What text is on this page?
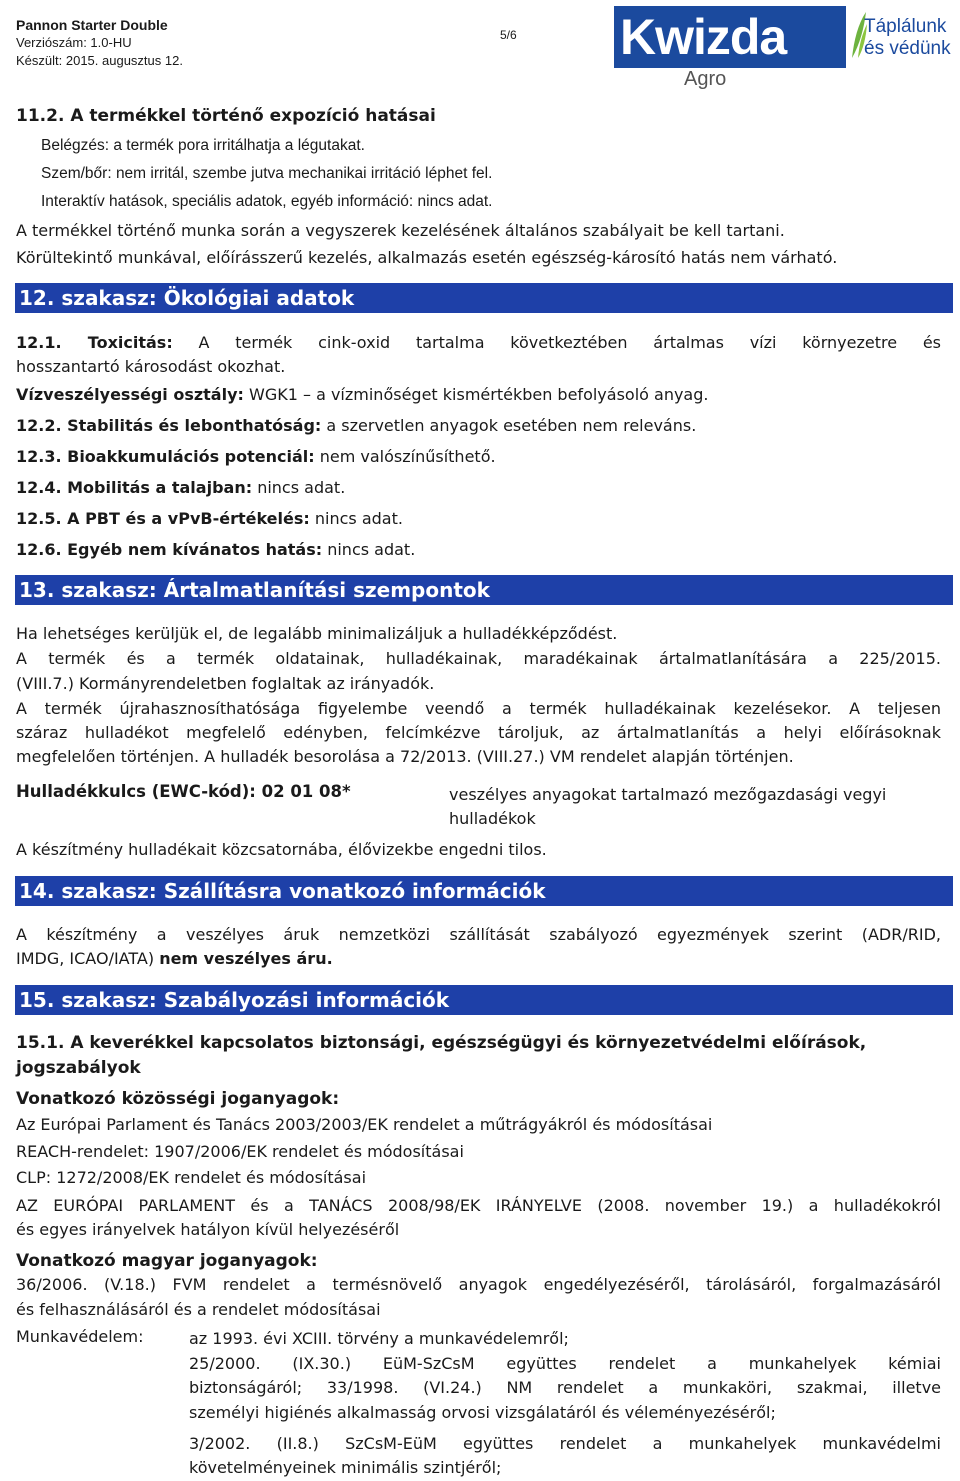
Pannon Starter Double
Verziószám: 1.0-HU
Készült: 2015. augusztus 12.
5/6 Kwizda
Agro
Táplálunk
és védünk
11.2. A termékkel történő expozíció hatásai
Belégzés: a termék pora irritálhatja a légutakat.
Szem/bőr: nem irritál, szembe jutva mechanikai irritáció léphet fel.
Interaktív hatások, speciális adatok, egyéb információ: nincs adat.
A termékkel történő munka során a vegyszerek kezelésének általános szabályait be kell tartani.
Körültekintő munkával, előírásszerű kezelés, alkalmazás esetén egészség-károsító hatás nem várható.
12. szakasz: Ökológiai adatok
12.1. Toxicitás: A termék cink-oxid tartalma következtében ártalmas vízi környezetre és
hosszantartó károsodást okozhat.
Vízveszélyességi osztály: WGK1 – a vízminőséget kismértékben befolyásoló anyag.
12.2. Stabilitás és lebonthatóság: a szervetlen anyagok esetében nem releváns.
12.3. Bioakkumulációs potenciál: nem valószínűsíthető.
12.4. Mobilitás a talajban: nincs adat.
12.5. A PBT és a vPvB-értékelés: nincs adat.
12.6. Egyéb nem kívánatos hatás: nincs adat.
13. szakasz: Ártalmatlanítási szempontok
Ha lehetséges kerüljük el, de legalább minimalizáljuk a hulladékképződést.
A termék és a termék oldatainak, hulladékainak, maradékainak ártalmatlanítására a 225/2015.
(VIII.7.) Kormányrendeletben foglaltak az irányadók.
A termék újrahasznosíthatósága figyelembe veendő a termék hulladékainak kezelésekor. A teljesen
száraz hulladékot megfelelő edényben, felcímkézve tároljuk, az ártalmatlanítás a helyi előírásoknak
megfelelően történjen. A hulladék besorolása a 72/2013. (VIII.27.) VM rendelet alapján történjen.
Hulladékkulcs (EWC-kód): 02 01 08*	veszélyes anyagokat tartalmazó mezőgazdasági vegyi hulladékok
A készítmény hulladékait közcsatornába, élővizekbe engedni tilos.
14. szakasz: Szállításra vonatkozó információk
A készítmény a veszélyes áruk nemzetközi szállítását szabályozó egyezmények szerint (ADR/RID,
IMDG, ICAO/IATA) nem veszélyes áru.
15. szakasz: Szabályozási információk
15.1. A keverékkel kapcsolatos biztonsági, egészségügyi és környezetvédelmi előírások,
jogszabályok
Vonatkozó közösségi joganyagok:
Az Európai Parlament és Tanács 2003/2003/EK rendelet a műtrágyákról és módosításai
REACH-rendelet: 1907/2006/EK rendelet és módosításai
CLP: 1272/2008/EK rendelet és módosításai
AZ EURÓPAI PARLAMENT és a TANÁCS 2008/98/EK IRÁNYELVE (2008. november 19.) a hulladékokról
és egyes irányelvek hatályon kívül helyezéséről
Vonatkozó magyar joganyagok:
36/2006. (V.18.) FVM rendelet a termésnövelő anyagok engedélyezéséről, tárolásáról, forgalmazásáról
és felhasználásáról és a rendelet módosításai
Munkavédelem:	az 1993. évi XCIII. törvény a munkavédelemről;
25/2000. (IX.30.) EüM-SzCsM együttes rendelet a munkahelyek kémiai
biztonságáról; 33/1998. (VI.24.) NM rendelet a munkaköri, szakmai, illetve
személyi higiénés alkalmasság orvosi vizsgálatáról és véleményezéséről;
3/2002. (II.8.) SzCsM-EüM együttes rendelet a munkahelyek munkavédelmi
követelményeinek minimális szintjéről;
